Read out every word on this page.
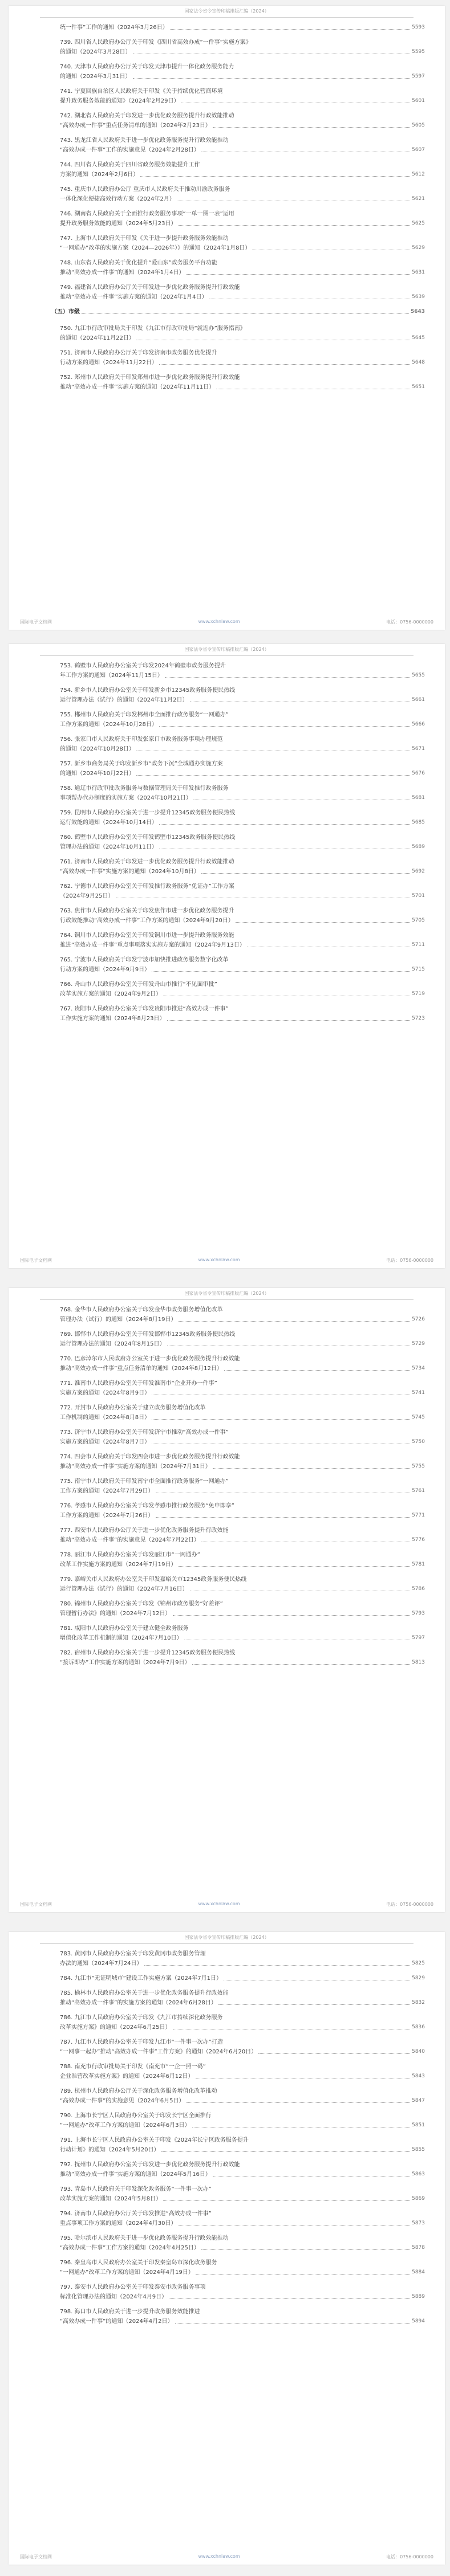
国家法令省令宣传印稿排版汇编（2024）
统一件事”工作的通知（2024年3月26日）	5593
739. 四川省人民政府办公厅关于印发《四川省高效办成“一件事”实施方案》
的通知（2024年3月28日）	5595
740. 天津市人民政府办公厅关于印发天津市提升一体化政务服务能力
的通知（2024年3月31日）	5597
741. 宁夏回族自治区人民政府关于印发《关于持续优化营商环境
提升政务服务效能的通知》（2024年2月29日）	5601
742. 湖北省人民政府关于印发进一步优化政务服务提升行政效能推动
“高效办成一件事”重点任务清单的通知（2024年2月23日）	5605
743. 黑龙江省人民政府关于进一步优化政务服务提升行政效能推动
“高效办成一件事”工作的实施意见（2024年2月28日）	5607
744. 四川省人民政府关于四川省政务服务效能提升工作
方案的通知（2024年2月6日）	5612
745. 重庆市人民政府办公厅 重庆市人民政府关于推动川渝政务服务
一体化深化便捷高效行动方案（2024年2月）	5621
746. 湖南省人民政府关于全面推行政务服务事项“一单一图一表”运用
提升政务服务效能的通知（2024年5月23日）	5625
747. 上海市人民政府关于印发《关于进一步提升政务服务效能推动
“一网通办”改革的实施方案（2024—2026年）》的通知（2024年1月8日）	5629
748. 山东省人民政府关于优化提升“爱山东”政务服务平台功能
推动“高效办成一件事”的通知（2024年1月4日）	5631
749. 福建省人民政府办公厅关于印发进一步优化政务服务提升行政效能
推动“高效办成一件事”实施方案的通知（2024年1月4日）	5639
（五）市级	5643
750. 九江市行政审批局关于印发《九江市行政审批局“就近办”服务指南》
的通知（2024年11月22日）	5645
751. 济南市人民政府办公厅关于印发济南市政务服务优化提升
行动方案的通知（2024年11月22日）	5648
752. 郑州市人民政府关于印发郑州市进一步优化政务服务提升行政效能
推动“高效办成一件事”实施方案的通知（2024年11月11日）	5651
国际电子文档网	www.xchnlaw.com	电话：0756-0000000
国家法令省令宣传印稿排版汇编（2024）
753. 鹤壁市人民政府办公室关于印发2024年鹤壁市政务服务提升
年工作方案的通知（2024年11月15日）	5655
754. 新乡市人民政府办公室关于印发新乡市12345政务服务便民热线
运行管理办法（试行）的通知（2024年11月2日）	5661
755. 郴州市人民政府关于印发郴州市全面推行政务服务“一网通办”
工作方案的通知（2024年10月28日）	5666
756. 张家口市人民政府关于印发张家口市政务服务事项办理规范
的通知（2024年10月28日）	5671
757. 新乡市商务局关于印发新乡市“政务下沉”全城通办实施方案
的通知（2024年10月22日）	5676
758. 通辽市行政审批政务服务与数据管理局关于印发推行政务服务
事项帮办代办制度的实施方案（2024年10月21日）	5681
759. 昆明市人民政府办公室关于进一步提升12345政务服务便民热线
运行效能的通知（2024年10月14日）	5685
760. 鹤壁市人民政府办公室关于印发鹤壁市12345政务服务便民热线
管理办法的通知（2024年10月11日）	5689
761. 济南市人民政府关于印发进一步优化政务服务提升行政效能推动
“高效办成一件事”实施方案的通知（2024年10月8日）	5692
762. 宁德市人民政府办公室关于印发推行政务服务“免证办”工作方案
（2024年9月25日）	5701
763. 焦作市人民政府办公室关于印发焦作市进一步优化政务服务提升
行政效能推动“高效办成一件事”工作方案的通知（2024年9月20日）	5705
764. 铜川市人民政府办公室关于印发铜川市进一步提升政务服务效能
推进“高效办成一件事”重点事项落实实施方案的通知（2024年9月13日）	5711
765. 宁波市人民政府关于印发宁波市加快推进政务服务数字化改革
行动方案的通知（2024年9月9日）	5715
766. 舟山市人民政府办公室关于印发舟山市推行“不见面审批”
改革实施方案的通知（2024年9月2日）	5719
767. 贵阳市人民政府办公室关于印发贵阳市推进“高效办成一件事”
工作实施方案的通知（2024年8月23日）	5723
国际电子文档网	www.xchnlaw.com	电话：0756-0000000
国家法令省令宣传印稿排版汇编（2024）
768. 金华市人民政府办公室关于印发金华市政务服务增值化改革
管理办法（试行）的通知（2024年8月19日）	5726
769. 邯郸市人民政府办公室关于印发邯郸市12345政务服务便民热线
运行管理办法的通知（2024年8月15日）	5729
770. 巴彦淖尔市人民政府办公室关于进一步优化政务服务提升行政效能
推动“高效办成一件事”重点任务清单的通知（2024年8月12日）	5734
771. 淮南市人民政府办公室关于印发淮南市“企业开办一件事”
实施方案的通知（2024年8月9日）	5741
772. 开封市人民政府办公室关于建立政务服务增值化改革
工作机制的通知（2024年8月8日）	5745
773. 济宁市人民政府办公室关于印发济宁市推动“高效办成一件事”
实施方案的通知（2024年8月7日）	5750
774. 四会市人民政府关于印发四会市进一步优化政务服务提升行政效能
推动“高效办成一件事”实施方案的通知（2024年7月31日）	5755
775. 南宁市人民政府关于印发南宁市全面推行政务服务“一网通办”
工作方案的通知（2024年7月29日）	5761
776. 孝感市人民政府办公室关于印发孝感市推行政务服务“免申即享”
工作方案的通知（2024年7月26日）	5771
777. 西安市人民政府办公厅关于进一步优化政务服务提升行政效能
推动“高效办成一件事”的实施意见（2024年7月22日）	5776
778. 丽江市人民政府办公室关于印发丽江市“一网通办”
改革工作实施方案的通知（2024年7月19日）	5781
779. 嘉峪关市人民政府办公室关于印发嘉峪关市12345政务服务便民热线
运行管理办法（试行）的通知（2024年7月16日）	5786
780. 锦州市人民政府办公室关于印发《锦州市政务服务“好差评”
管理暂行办法》的通知（2024年7月12日）	5793
781. 咸阳市人民政府办公室关于建立健全政务服务
增值化改革工作机制的通知（2024年7月10日）	5797
782. 宿州市人民政府办公室关于进一步提升12345政务服务便民热线
“接诉即办”工作实施方案的通知（2024年7月9日）	5813
国际电子文档网	www.xchnlaw.com	电话：0756-0000000
国家法令省令宣传印稿排版汇编（2024）
783. 黄冈市人民政府办公室关于印发黄冈市政务服务管理
办法的通知（2024年7月24日）	5825
784. 九江市“无证明城市”建设工作实施方案（2024年7月1日）	5829
785. 榆林市人民政府办公室关于进一步优化政务服务提升行政效能
推动“高效办成一件事”的实施方案的通知（2024年6月28日）	5832
786. 九江市人民政府办公室关于印发《九江市持续深化政务服务
改革实施方案》的通知（2024年6月25日）	5836
787. 九江市人民政府办公室关于印发九江市“一件事一次办”打造
“一网事一起办”推动“高效办成一件事”工作方案》的通知（2024年6月20日）	5840
788. 南充市行政审批局关于印发《南充市“一企一照一码”
企业准营改革实施方案》的通知（2024年6月12日）	5843
789. 杭州市人民政府办公厅关于深化政务服务增值化改革推动
“高效办成一件事”的实施意见（2024年6月5日）	5847
790. 上海市长宁区人民政府办公室关于印发长宁区全面推行
“一网通办”改革工作方案的通知（2024年6月3日）	5851
791. 上海市长宁区人民政府办公室关于印发《2024年长宁区政务服务提升
行动计划》的通知（2024年5月20日）	5855
792. 抚州市人民政府办公室关于印发进一步优化政务服务提升行政效能
推动“高效办成一件事”实施方案的通知（2024年5月16日）	5863
793. 青岛市人民政府关于印发深化政务服务“一件事一次办”
改革实施方案的通知（2024年5月8日）	5869
794. 济南市人民政府办公厅关于印发推进“高效办成一件事”
重点事项工作方案的通知（2024年4月30日）	5873
795. 哈尔滨市人民政府关于进一步优化政务服务提升行政效能推动
“高效办成一件事”工作方案的通知（2024年4月25日）	5878
796. 秦皇岛市人民政府办公室关于印发秦皇岛市深化政务服务
“一网通办”改革工作方案的通知（2024年4月19日）	5884
797. 泰安市人民政府办公室关于印发泰安市政务服务事项
标准化管理办法的通知（2024年4月9日）	5889
798. 海口市人民政府关于进一步提升政务服务效能推进
“高效办成一件事”的通知（2024年4月2日）	5894
国际电子文档网	www.xchnlaw.com	电话：0756-0000000
